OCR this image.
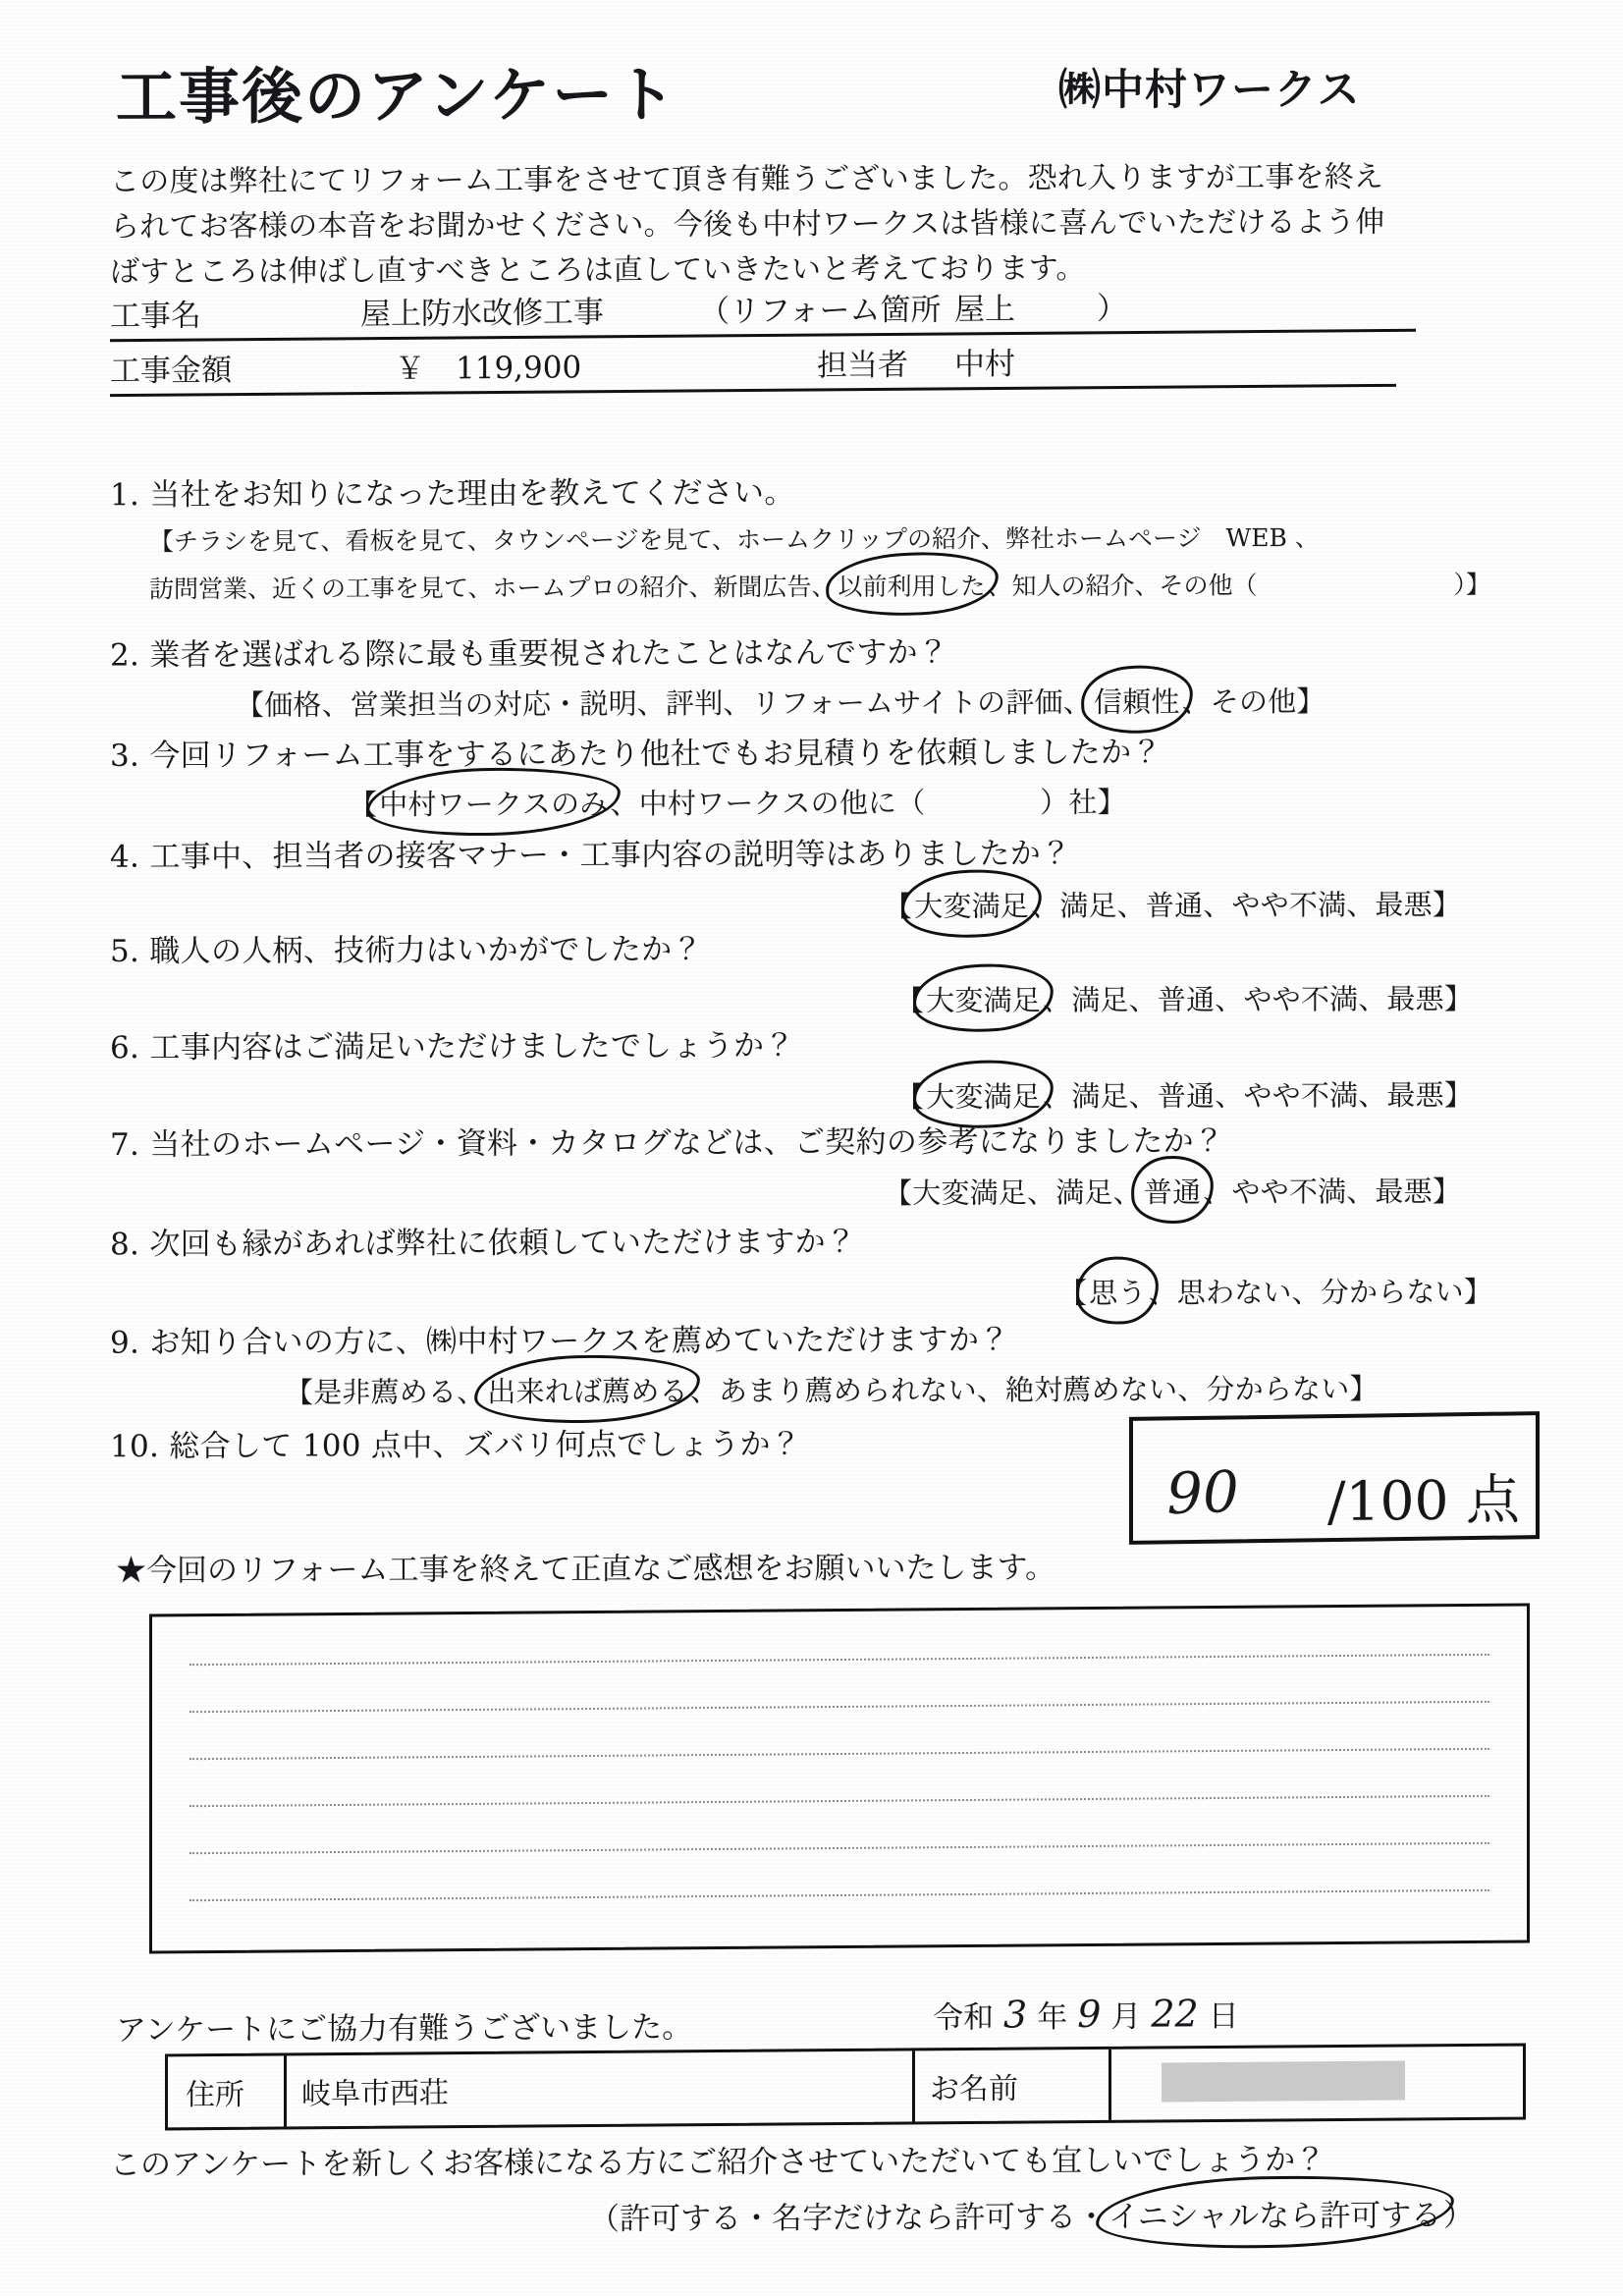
工事後のアンケート	㈱中村ワークス
この度は弊社にてリフォーム工事をさせて頂き有難うございました。恐れ入りますが工事を終え
られてお客様の本音をお聞かせください。今後も中村ワークスは皆様に喜んでいただけるよう伸
ばすところは伸ばし直すべきところは直していきたいと考えております。
工事名	屋上防水改修工事	（リフォーム箇所 屋上	）
工事金額	￥　119,900	担当者 中村
1. 当社をお知りになった理由を教えてください。
【チラシを見て、看板を見て、タウンページを見て、ホームクリップの紹介、弊社ホームページ　WEB 、
訪問営業、近くの工事を見て、ホームプロの紹介、新聞広告、以前利用した、知人の紹介、その他（　　　　　　　　）】
2. 業者を選ばれる際に最も重要視されたことはなんですか？
【価格、営業担当の対応・説明、評判、リフォームサイトの評価、信頼性、その他】
3. 今回リフォーム工事をするにあたり他社でもお見積りを依頼しましたか？
【中村ワークスのみ、中村ワークスの他に（　　　　）社】
4. 工事中、担当者の接客マナー・工事内容の説明等はありましたか？
【大変満足、満足、普通、やや不満、最悪】
5. 職人の人柄、技術力はいかがでしたか？
【大変満足、満足、普通、やや不満、最悪】
6. 工事内容はご満足いただけましたでしょうか？
【大変満足、満足、普通、やや不満、最悪】
7. 当社のホームページ・資料・カタログなどは、ご契約の参考になりましたか？
【大変満足、満足、普通、やや不満、最悪】
8. 次回も縁があれば弊社に依頼していただけますか？
【思う、思わない、分からない】
9. お知り合いの方に、㈱中村ワークスを薦めていただけますか？
【是非薦める、出来れば薦める、あまり薦められない、絶対薦めない、分からない】
10. 総合して 100 点中、ズバリ何点でしょうか？
90 /100 点
★今回のリフォーム工事を終えて正直なご感想をお願いいたします。
アンケートにご協力有難うございました。	令和 3 年 9 月 22 日
住所	岐阜市西荘	お名前
このアンケートを新しくお客様になる方にご紹介させていただいても宜しいでしょうか？
（許可する・名字だけなら許可する・イニシャルなら許可する）
